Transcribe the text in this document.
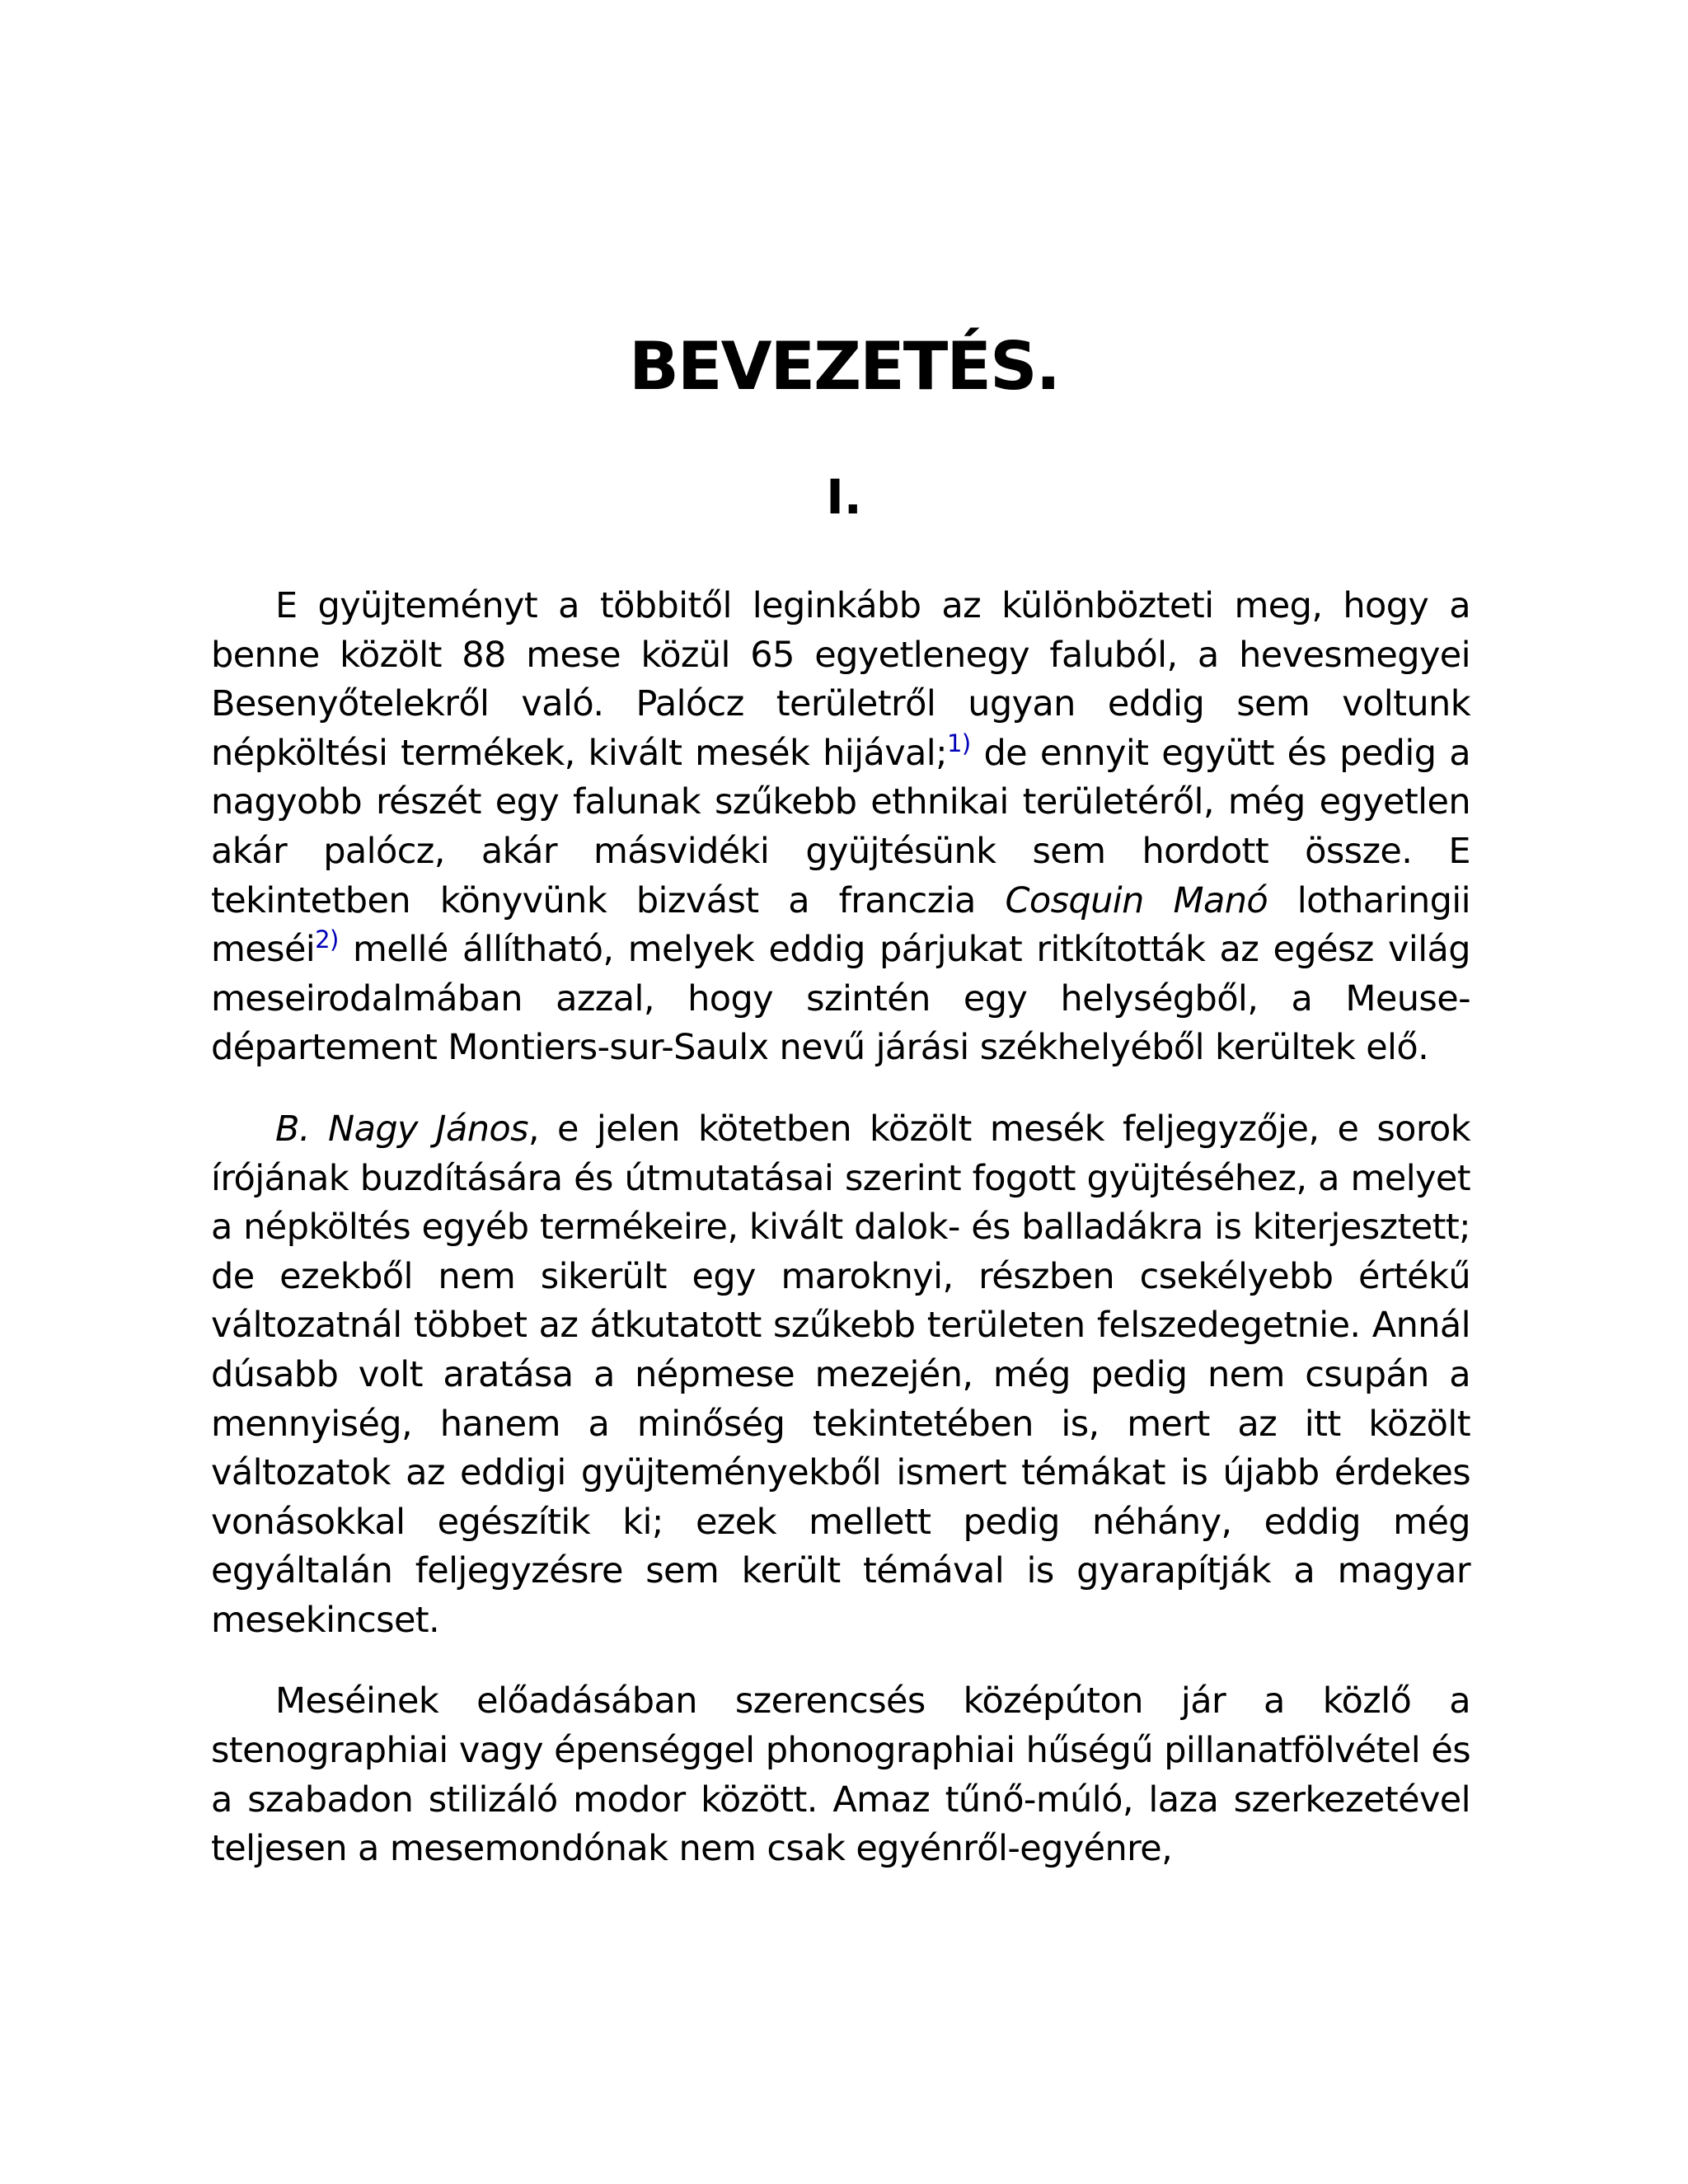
BEVEZETÉS.
I.

E gyüjteményt a többitől leginkább az különbözteti meg, hogy a benne közölt 88 mese közül 65 egyetlenegy faluból, a hevesmegyei Besenyőtelekről való. Palócz területről ugyan eddig sem voltunk népköltési termékek, kivált mesék hijával;$^{1)}$ de ennyit együtt és pedig a nagyobb részét egy falunak szűkebb ethnikai területéről, még egyetlen akár palócz, akár másvidéki gyüjtésünk sem hordott össze. E tekintetben könyvünk bizvást a franczia Cosquin Manó lotharingii meséi$^{2)}$ mellé állítható, melyek eddig párjukat ritkították az egész világ meseirodalmában azzal, hogy szintén egy helységből, a Meuse-département Montiers-sur-Saulx nevű járási székhelyéből kerültek elő.

B. Nagy János, e jelen kötetben közölt mesék feljegyzője, e sorok írójának buzdítására és útmutatásai szerint fogott gyüjtéséhez, a melyet a népköltés egyéb termékeire, kivált dalok- és balladákra is kiterjesztett; de ezekből nem sikerült egy maroknyi, részben csekélyebb értékű változatnál többet az átkutatott szűkebb területen felszedegetnie. Annál dúsabb volt aratása a népmese mezején, még pedig nem csupán a mennyiség, hanem a minőség tekintetében is, mert az itt közölt változatok az eddigi gyüjteményekből ismert témákat is újabb érdekes vonásokkal egészítik ki; ezek mellett pedig néhány, eddig még egyáltalán feljegyzésre sem került témával is gyarapítják a magyar mesekincset.

Meséinek előadásában szerencsés középúton jár a közlő a stenographiai vagy épenséggel phonographiai hűségű pillanatfölvétel és a szabadon stilizáló modor között. Amaz tűnő-múló, laza szerkezetével teljesen a mesemondónak nem csak egyénről-egyénre,
